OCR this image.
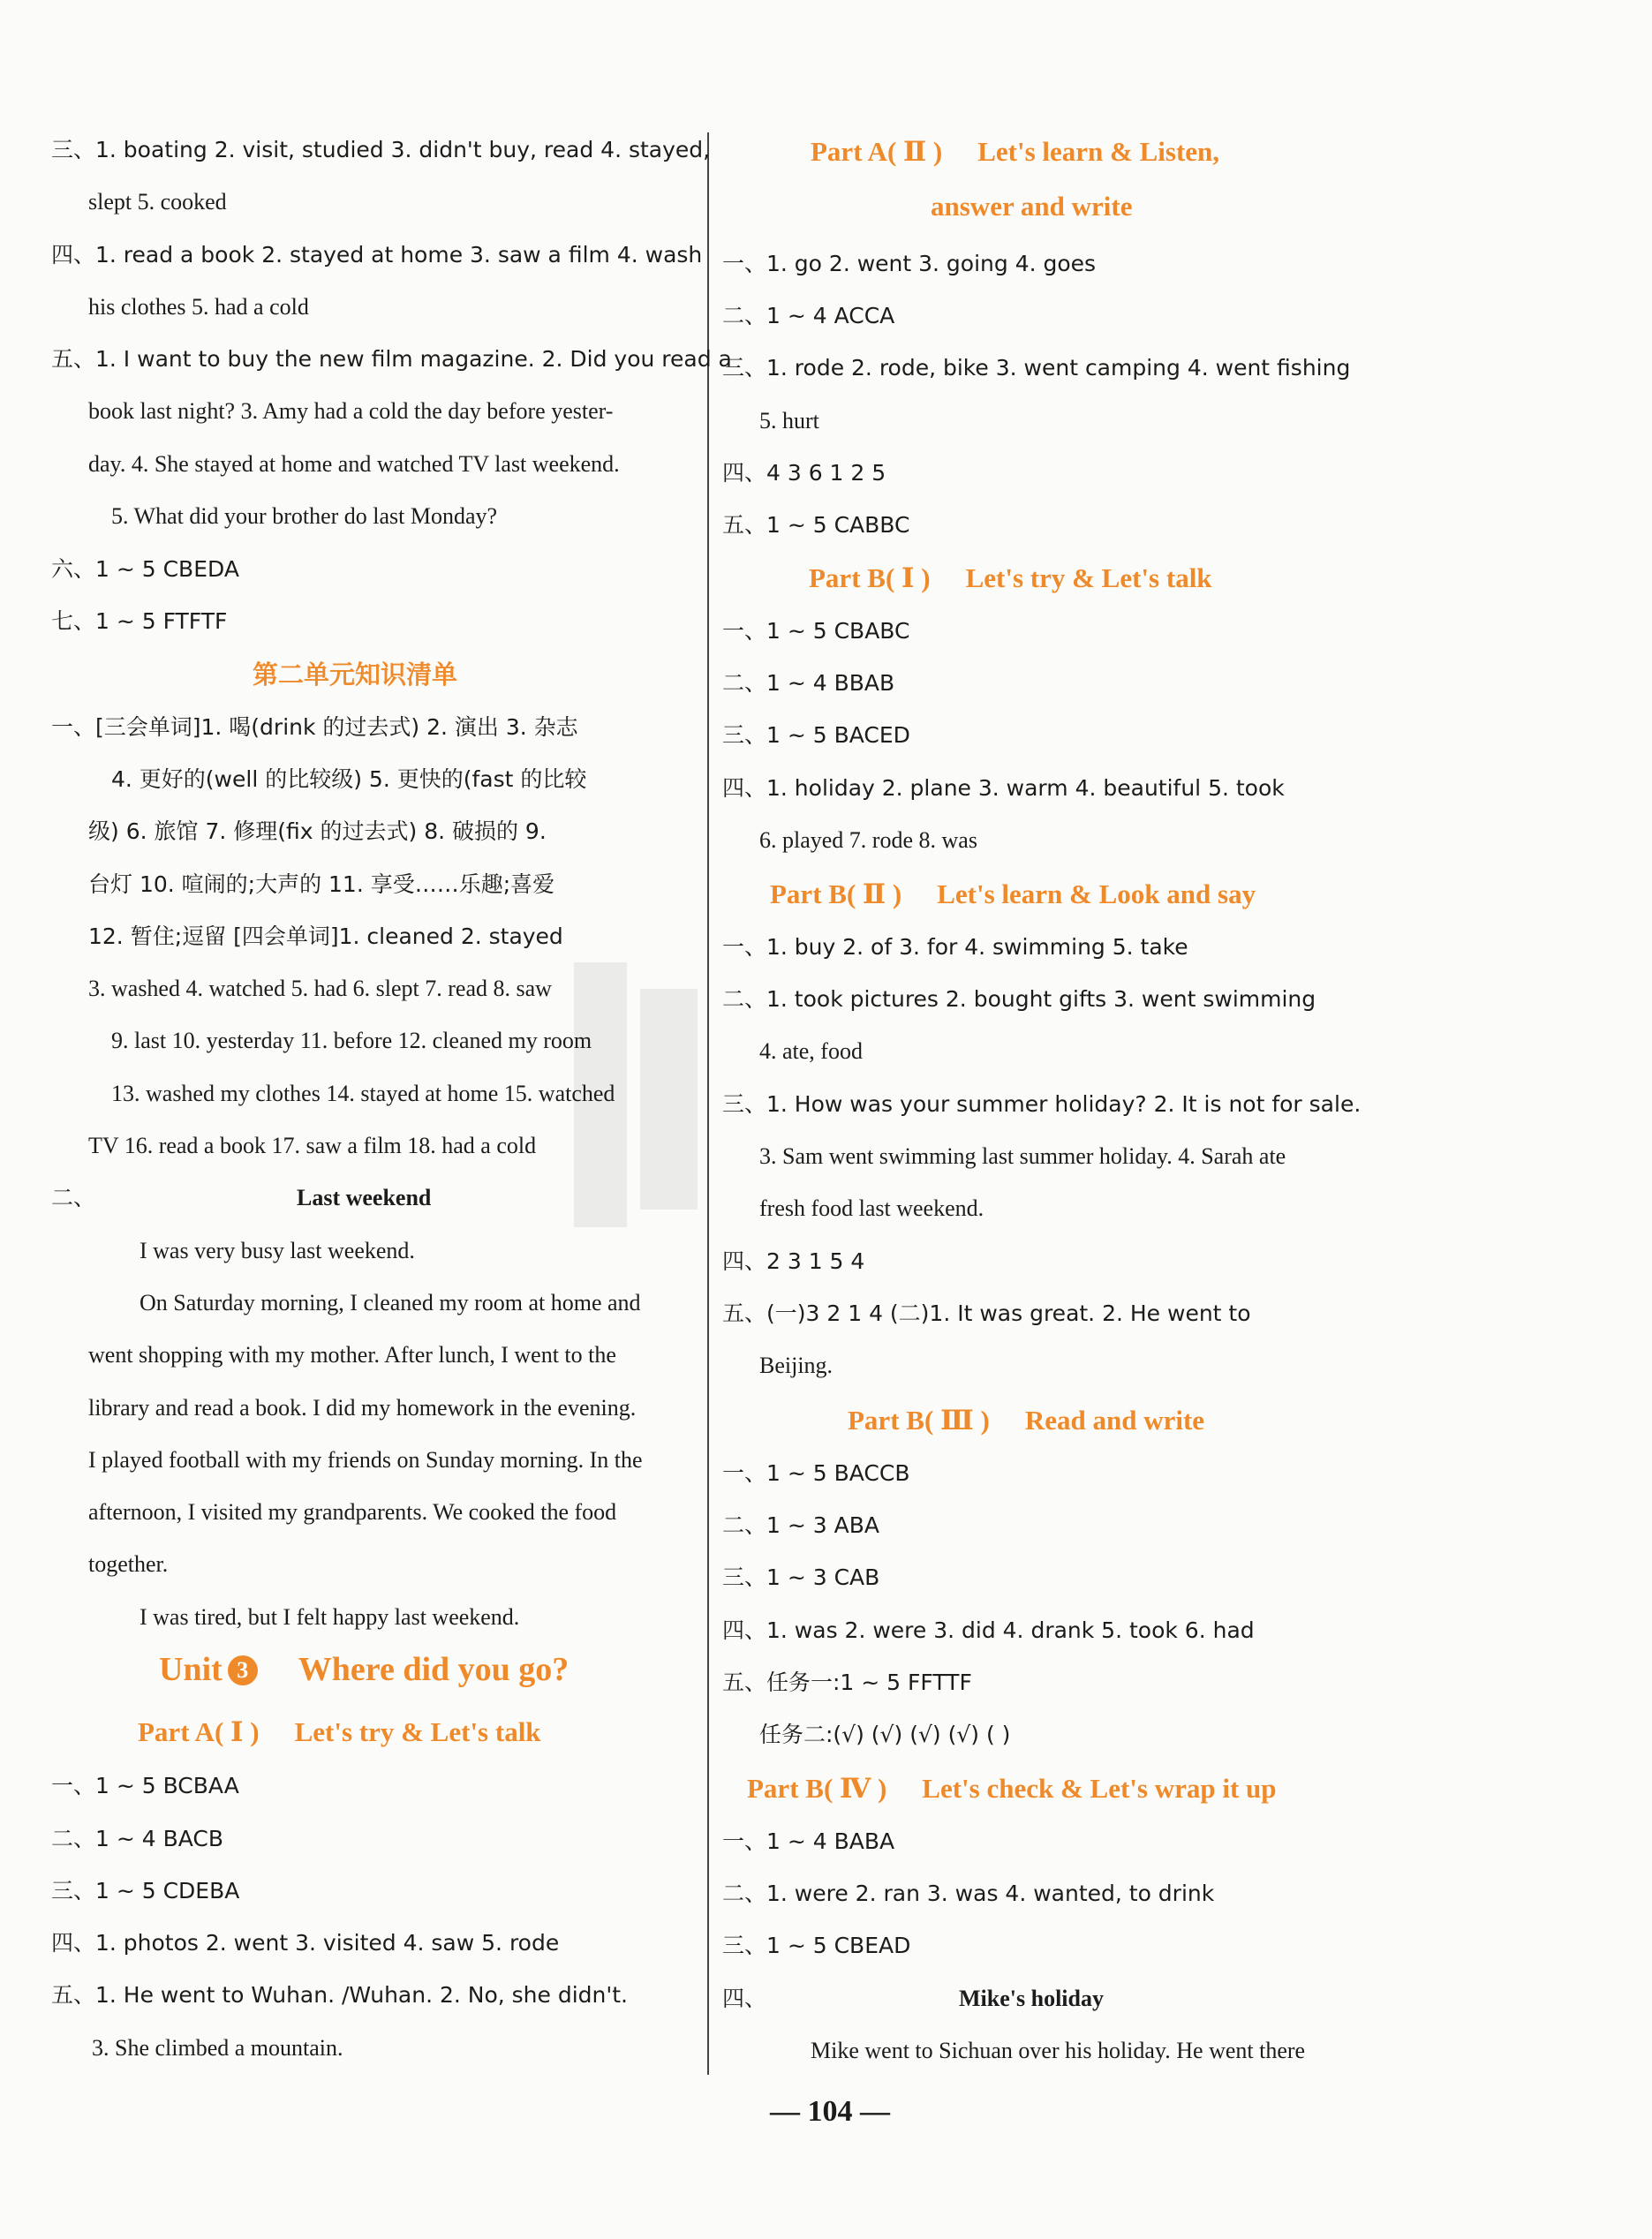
三、1. boating 2. visit, studied 3. didn't buy, read 4. stayed,
slept 5. cooked
四、1. read a book 2. stayed at home 3. saw a film 4. wash
his clothes 5. had a cold
五、1. I want to buy the new film magazine. 2. Did you read a
book last night? 3. Amy had a cold the day before yester-
day. 4. She stayed at home and watched TV last weekend.
5. What did your brother do last Monday?
六、1 ~ 5 CBEDA
七、1 ~ 5 FTFTF
第二单元知识清单
一、[三会单词]1. 喝(drink 的过去式) 2. 演出 3. 杂志
4. 更好的(well 的比较级) 5. 更快的(fast 的比较
级) 6. 旅馆 7. 修理(fix 的过去式) 8. 破损的 9.
台灯 10. 喧闹的;大声的 11. 享受……乐趣;喜爱
12. 暂住;逗留 [四会单词]1. cleaned 2. stayed
3. washed 4. watched 5. had 6. slept 7. read 8. saw
9. last 10. yesterday 11. before 12. cleaned my room
13. washed my clothes 14. stayed at home 15. watched
TV 16. read a book 17. saw a film 18. had a cold
二、	Last weekend
I was very busy last weekend.
On Saturday morning, I cleaned my room at home and
went shopping with my mother. After lunch, I went to the
library and read a book. I did my homework in the evening.
I played football with my friends on Sunday morning. In the
afternoon, I visited my grandparents. We cooked the food
together.
I was tired, but I felt happy last weekend.
Unit 3 Where did you go?
Part A( Ⅰ ) Let's try & Let's talk
一、1 ~ 5 BCBAA
二、1 ~ 4 BACB
三、1 ~ 5 CDEBA
四、1. photos 2. went 3. visited 4. saw 5. rode
五、1. He went to Wuhan. /Wuhan. 2. No, she didn't.
3. She climbed a mountain.
Part A( Ⅱ ) Let's learn & Listen,
answer and write
一、1. go 2. went 3. going 4. goes
二、1 ~ 4 ACCA
三、1. rode 2. rode, bike 3. went camping 4. went fishing
5. hurt
四、4 3 6 1 2 5
五、1 ~ 5 CABBC
Part B( Ⅰ ) Let's try & Let's talk
一、1 ~ 5 CBABC
二、1 ~ 4 BBAB
三、1 ~ 5 BACED
四、1. holiday 2. plane 3. warm 4. beautiful 5. took
6. played 7. rode 8. was
Part B( Ⅱ ) Let's learn & Look and say
一、1. buy 2. of 3. for 4. swimming 5. take
二、1. took pictures 2. bought gifts 3. went swimming
4. ate, food
三、1. How was your summer holiday? 2. It is not for sale.
3. Sam went swimming last summer holiday. 4. Sarah ate
fresh food last weekend.
四、2 3 1 5 4
五、(一)3 2 1 4 (二)1. It was great. 2. He went to
Beijing.
Part B( Ⅲ ) Read and write
一、1 ~ 5 BACCB
二、1 ~ 3 ABA
三、1 ~ 3 CAB
四、1. was 2. were 3. did 4. drank 5. took 6. had
五、任务一:1 ~ 5 FFTTF
任务二:(√) (√) (√) (√) ( )
Part B( Ⅳ ) Let's check & Let's wrap it up
一、1 ~ 4 BABA
二、1. were 2. ran 3. was 4. wanted, to drink
三、1 ~ 5 CBEAD
四、	Mike's holiday
Mike went to Sichuan over his holiday. He went there
— 104 —
